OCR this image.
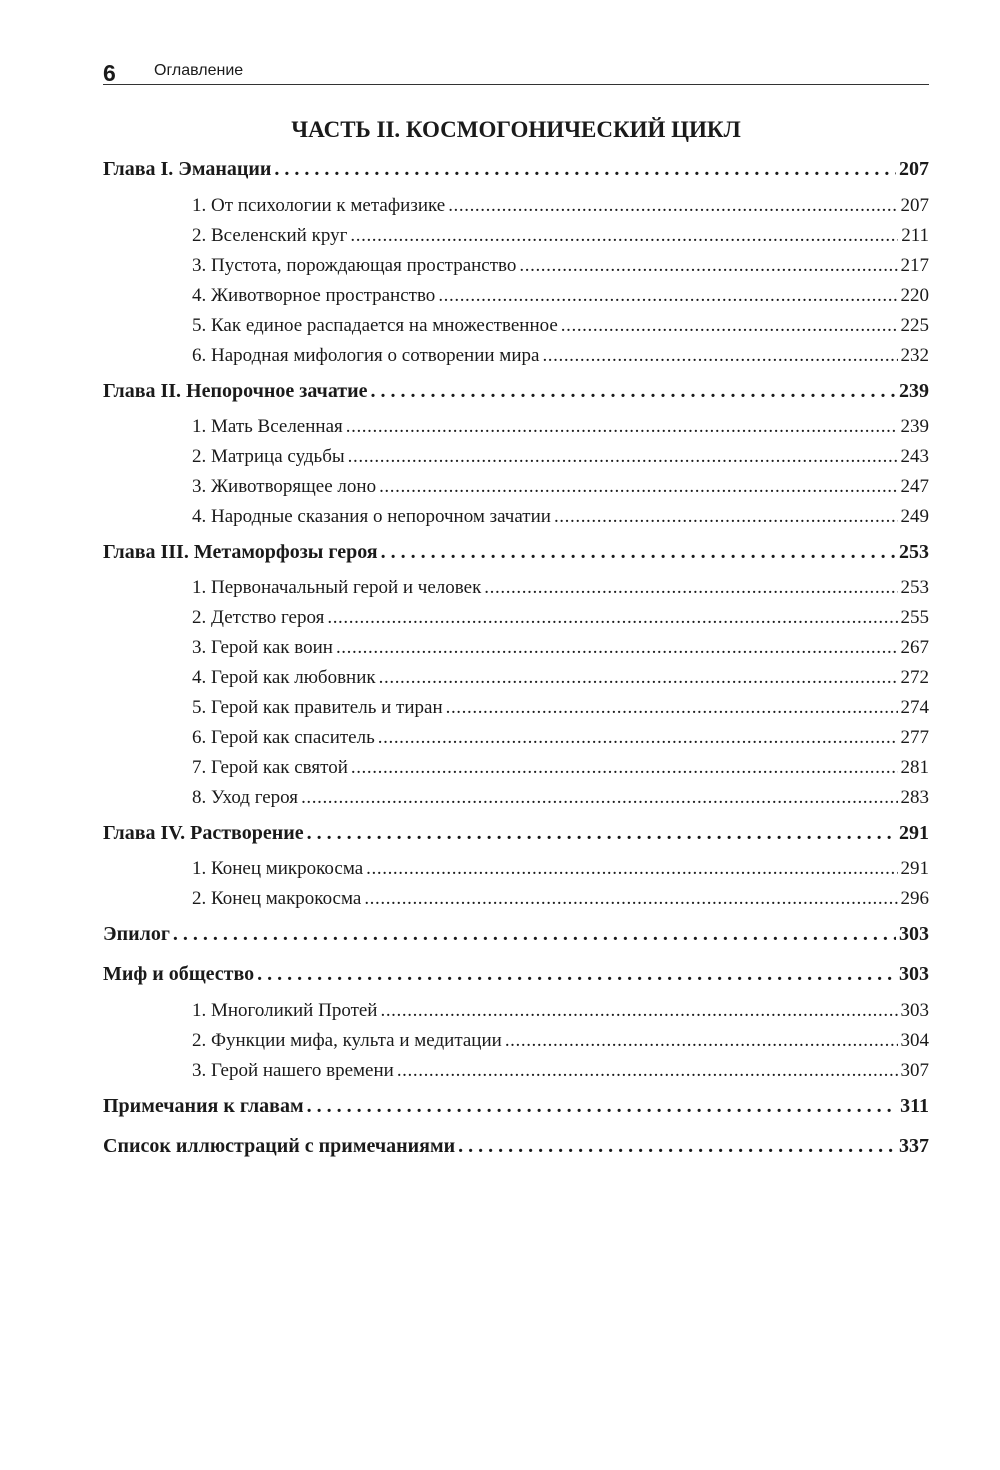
6 Оглавление
ЧАСТЬ II. КОСМОГОНИЧЕСКИЙ ЦИКЛ
Глава I. Эманации . . .	207
1. От психологии к метафизике .....	207
2. Вселенский круг .....	211
3. Пустота, порождающая пространство .....	217
4. Животворное пространство .....	220
5. Как единое распадается на множественное .....	225
6. Народная мифология о сотворении мира .....	232
Глава II. Непорочное зачатие . . .	239
1. Мать Вселенная .....	239
2. Матрица судьбы .....	243
3. Животворящее лоно .....	247
4. Народные сказания о непорочном зачатии .....	249
Глава III. Метаморфозы героя . . .	253
1. Первоначальный герой и человек .....	253
2. Детство героя .....	255
3. Герой как воин .....	267
4. Герой как любовник .....	272
5. Герой как правитель и тиран .....	274
6. Герой как спаситель .....	277
7. Герой как святой .....	281
8. Уход героя .....	283
Глава IV. Растворение . . .	291
1. Конец микрокосма .....	291
2. Конец макрокосма .....	296
Эпилог . . .	303
Миф и общество . . .	303
1. Многоликий Протей .....	303
2. Функции мифа, культа и медитации .....	304
3. Герой нашего времени .....	307
Примечания к главам . . .	311
Список иллюстраций с примечаниями . . .	337
